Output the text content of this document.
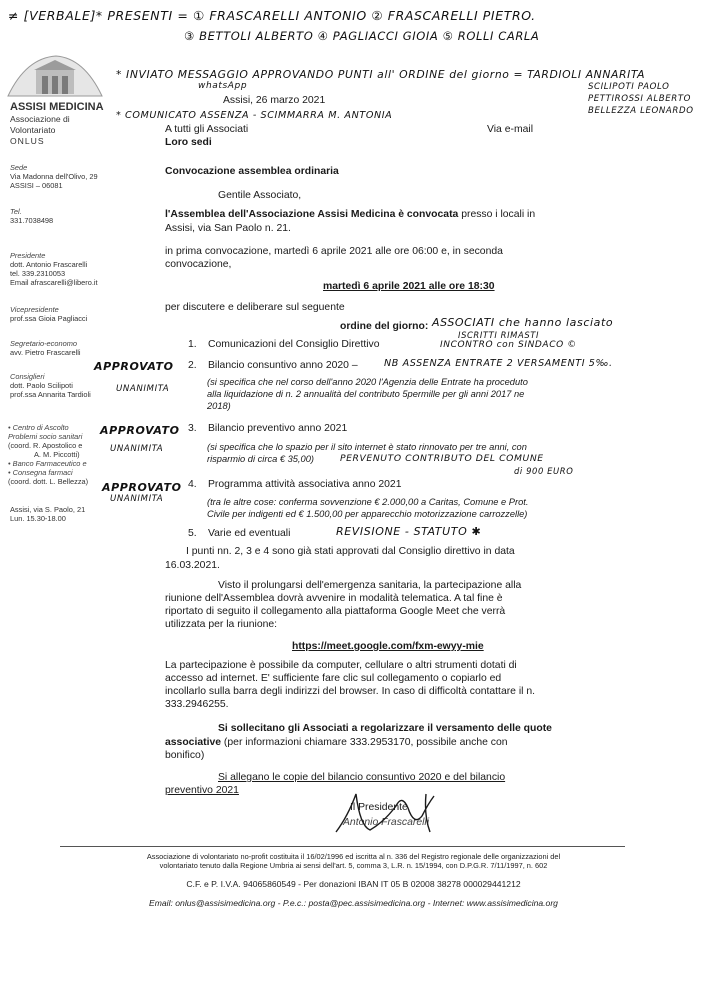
≠ [VERBALE]* PRESENTI = ① FRASCARELLI ANTONIO ② FRASCARELLI PIETRO.
③ BETTOLI ALBERTO ④ PAGLIACCI GIOIA ⑤ ROLLI CARLA
* INVIATO MESSAGGIO APPROVANDO PUNTI all' ORDINE del giorno = TARDIOLI ANNARITA
whatsApp	SCILIPOTI PAOLO
PETTIROSSI ALBERTO
BELLEZZA LEONARDO
* COMUNICATO ASSENZA - SCIMMARRA M. ANTONIA
ASSISI MEDICINA
Associazione di
Volontariato
ONLUS
Sede
Via Madonna dell'Olivo, 29
ASSISI – 06081
Tel.
331.7038498
Presidente
dott. Antonio Frascarelli
tel. 339.2310053
Email afrascarelli@libero.it
Vicepresidente
prof.ssa Gioia Pagliacci
Segretario-economo
avv. Pietro Frascarelli
Consiglieri
dott. Paolo Scilipoti
prof.ssa Annarita Tardioli
• Centro di Ascolto
Problemi socio sanitari
(coord. R. Apostolico e
A. M. Piccotti)
• Banco Farmaceutico e
• Consegna farmaci
(coord. dott. L. Bellezza)
Assisi, via S. Paolo, 21
Lun. 15.30-18.00
APPROVATO
UNANIMITA
APPROVATO
UNANIMITA
APPROVATO
UNANIMITA
Assisi, 26 marzo 2021
A tutti gli Associati
Loro sedi
Via e-mail
Convocazione assemblea ordinaria
Gentile Associato,
l'Assemblea dell'Associazione Assisi Medicina è convocata presso i locali in
Assisi, via San Paolo n. 21.
in prima convocazione, martedì 6 aprile 2021 alle ore 06:00 e, in seconda
convocazione,
martedì 6 aprile 2021 alle ore 18:30
per discutere e deliberare sul seguente
ordine del giorno: ASSOCIATI che hanno lasciato
1. Comunicazioni del Consiglio Direttivo
ISCRITTI RIMASTI
INCONTRO con SINDACO ©
2. Bilancio consuntivo anno 2020 –	NB ASSENZA ENTRATE 2 VERSAMENTI 5‰.
(si specifica che nel corso dell'anno 2020 l'Agenzia delle Entrate ha proceduto
alla liquidazione di n. 2 annualità del contributo 5permille per gli anni 2017 ne
2018)
3. Bilancio preventivo anno 2021
(si specifica che lo spazio per il sito internet è stato rinnovato per tre anni, con
risparmio di circa € 35,00)	PERVENUTO CONTRIBUTO DEL COMUNE
di 900 EURO
4. Programma attività associativa anno 2021
(tra le altre cose: conferma sovvenzione € 2.000,00 a Caritas, Comune e Prot.
Civile per indigenti ed € 1.500,00 per apparecchio motorizzazione carrozzelle)
5. Varie ed eventuali	REVISIONE - STATUTO ✱
I punti nn. 2, 3 e 4 sono già stati approvati dal Consiglio direttivo in data
16.03.2021.
Visto il prolungarsi dell'emergenza sanitaria, la partecipazione alla
riunione dell'Assemblea dovrà avvenire in modalità telematica. A tal fine è
riportato di seguito il collegamento alla piattaforma Google Meet che verrà
utilizzata per la riunione:
https://meet.google.com/fxm-ewyy-mie
La partecipazione è possibile da computer, cellulare o altri strumenti dotati di
accesso ad internet. E' sufficiente fare clic sul collegamento o copiarlo ed
incollarlo sulla barra degli indirizzi del browser. In caso di difficoltà contattare il n.
333.2946255.
Si sollecitano gli Associati a regolarizzare il versamento delle quote
associative (per informazioni chiamare 333.2953170, possibile anche con
bonifico)
Si allegano le copie del bilancio consuntivo 2020 e del bilancio
preventivo 2021
Il Presidente
Antonio Frascarelli
Associazione di volontariato no-profit costituita il 16/02/1996 ed iscritta al n. 336 del Registro regionale delle organizzazioni del
volontariato tenuto dalla Regione Umbria ai sensi dell'art. 5, comma 3, L.R. n. 15/1994, con D.P.G.R. 7/11/1997, n. 602
C.F. e P. I.V.A. 94065860549 - Per donazioni IBAN IT 05 B 02008 38278 000029441212
Email: onlus@assisimedicina.org - P.e.c.: posta@pec.assisimedicina.org - Internet: www.assisimedicina.org
